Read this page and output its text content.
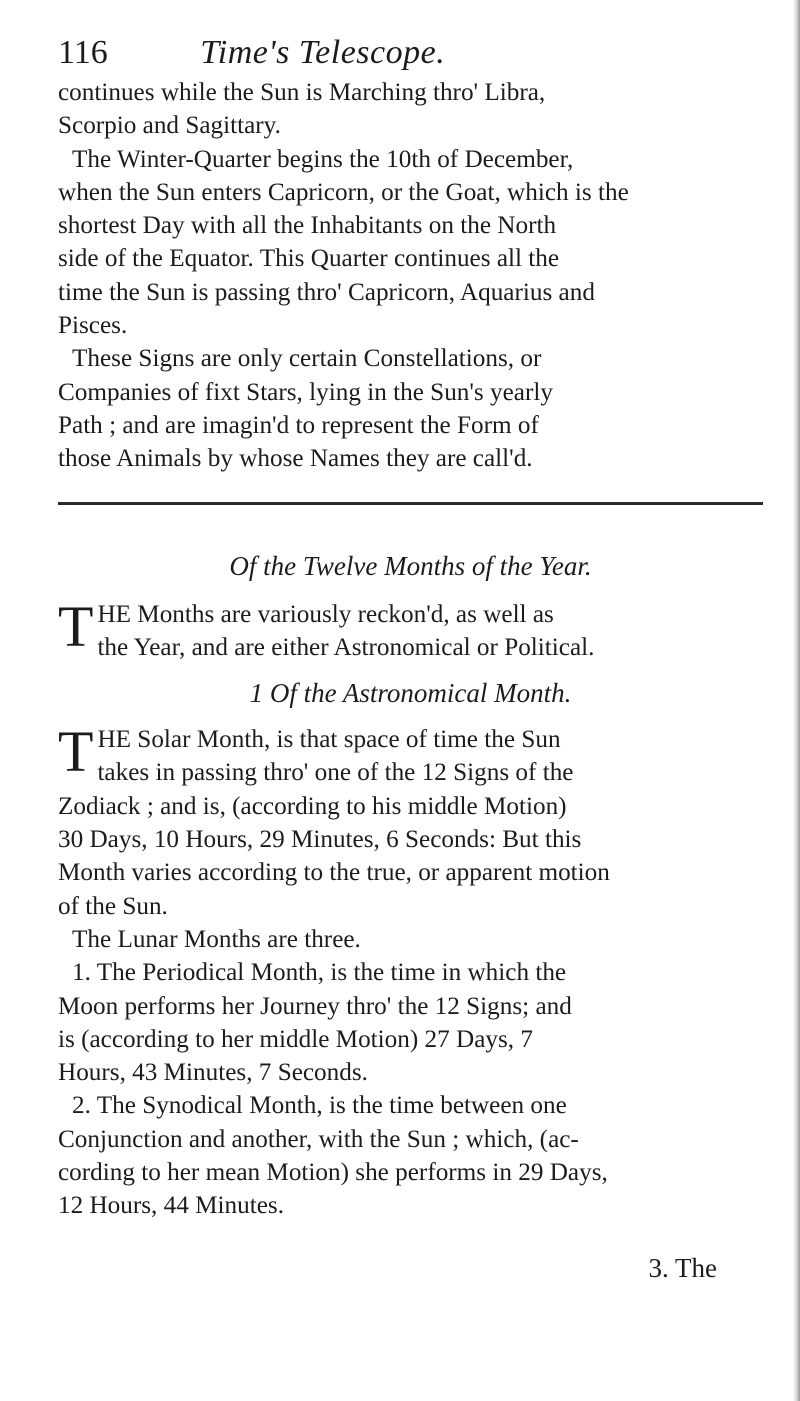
116	Time's Telescope.

continues while the Sun is Marching thro' Libra,
Scorpio and Sagittary.
The Winter-Quarter begins the 10th of December,
when the Sun enters Capricorn, or the Goat, which is the
shortest Day with all the Inhabitants on the North
side of the Equator. This Quarter continues all the
time the Sun is passing thro' Capricorn, Aquarius and
Pisces.
These Signs are only certain Constellations, or
Companies of fixt Stars, lying in the Sun's yearly
Path ; and are imagin'd to represent the Form of
those Animals by whose Names they are call'd.

Of the Twelve Months of the Year.

T HE Months are variously reckon'd, as well as
the Year, and are either Astronomical or Political.

1 Of the Astronomical Month.

T HE Solar Month, is that space of time the Sun
takes in passing thro' one of the 12 Signs of the
Zodiack ; and is, (according to his middle Motion)
30 Days, 10 Hours, 29 Minutes, 6 Seconds: But this
Month varies according to the true, or apparent motion
of the Sun.
The Lunar Months are three.
1. The Periodical Month, is the time in which the
Moon performs her Journey thro' the 12 Signs; and
is (according to her middle Motion) 27 Days, 7
Hours, 43 Minutes, 7 Seconds.
2. The Synodical Month, is the time between one
Conjunction and another, with the Sun ; which, (ac-
cording to her mean Motion) she performs in 29 Days,
12 Hours, 44 Minutes.

3. The
